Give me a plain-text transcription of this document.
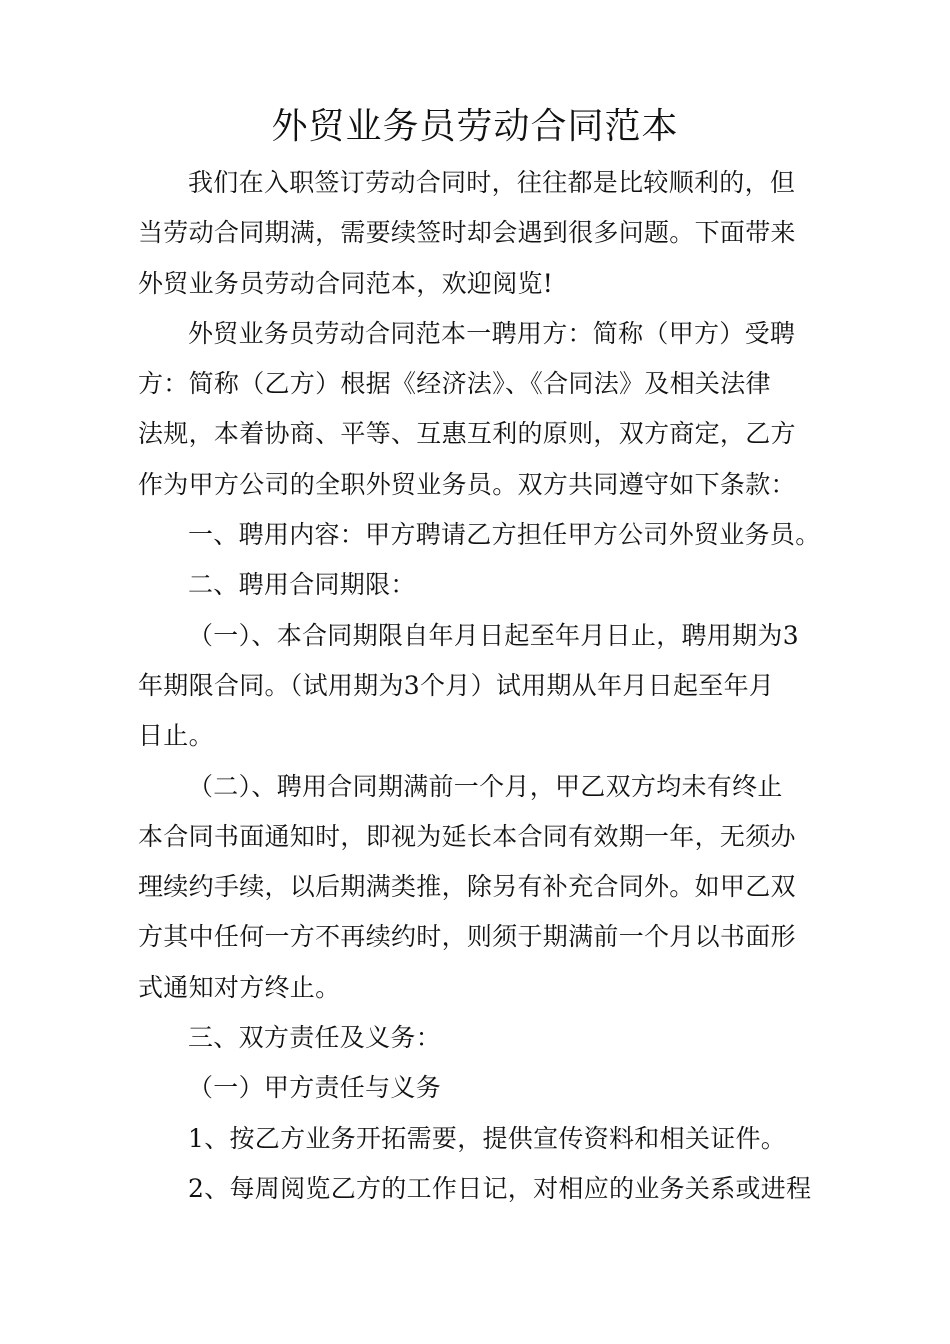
外贸业务员劳动合同范本
我们在入职签订劳动合同时，往往都是比较顺利的，但
当劳动合同期满，需要续签时却会遇到很多问题。下面带来
外贸业务员劳动合同范本，欢迎阅览!
外贸业务员劳动合同范本一聘用方：简称（甲方）受聘
方：简称（乙方）根据《经济法》、《合同法》及相关法律
法规，本着协商、平等、互惠互利的原则，双方商定，乙方
作为甲方公司的全职外贸业务员。双方共同遵守如下条款：
一、聘用内容：甲方聘请乙方担任甲方公司外贸业务员。
二、聘用合同期限：
（一）、本合同期限自年月日起至年月日止，聘用期为3
年期限合同。（试用期为3个月）试用期从年月日起至年月
日止。
（二）、聘用合同期满前一个月，甲乙双方均未有终止
本合同书面通知时，即视为延长本合同有效期一年，无须办
理续约手续，以后期满类推，除另有补充合同外。如甲乙双
方其中任何一方不再续约时，则须于期满前一个月以书面形
式通知对方终止。
三、双方责任及义务：
（一）甲方责任与义务
1、按乙方业务开拓需要，提供宣传资料和相关证件。
2、每周阅览乙方的工作日记，对相应的业务关系或进程
